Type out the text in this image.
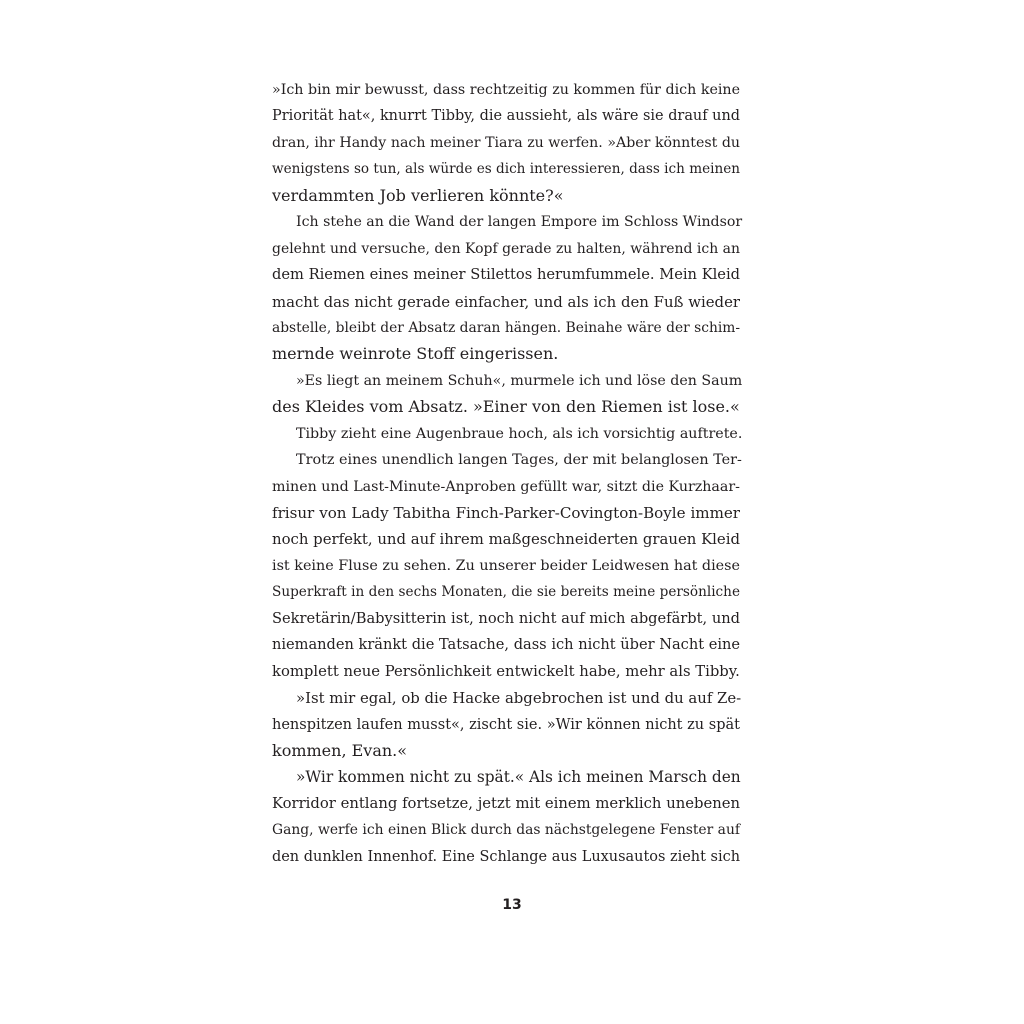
»Ich bin mir bewusst, dass rechtzeitig zu kommen für dich keine
Priorität hat«, knurrt Tibby, die aussieht, als wäre sie drauf und
dran, ihr Handy nach meiner Tiara zu werfen. »Aber könntest du
wenigstens so tun, als würde es dich interessieren, dass ich meinen
verdammten Job verlieren könnte?«
Ich stehe an die Wand der langen Empore im Schloss Windsor
gelehnt und versuche, den Kopf gerade zu halten, während ich an
dem Riemen eines meiner Stilettos herumfummele. Mein Kleid
macht das nicht gerade einfacher, und als ich den Fuß wieder
abstelle, bleibt der Absatz daran hängen. Beinahe wäre der schim-
mernde weinrote Stoff eingerissen.
»Es liegt an meinem Schuh«, murmele ich und löse den Saum
des Kleides vom Absatz. »Einer von den Riemen ist lose.«
Tibby zieht eine Augenbraue hoch, als ich vorsichtig auftrete.
Trotz eines unendlich langen Tages, der mit belanglosen Ter-
minen und Last-Minute-Anproben gefüllt war, sitzt die Kurzhaar-
frisur von Lady Tabitha Finch-Parker-Covington-Boyle immer
noch perfekt, und auf ihrem maßgeschneiderten grauen Kleid
ist keine Fluse zu sehen. Zu unserer beider Leidwesen hat diese
Superkraft in den sechs Monaten, die sie bereits meine persönliche
Sekretärin/Babysitterin ist, noch nicht auf mich abgefärbt, und
niemanden kränkt die Tatsache, dass ich nicht über Nacht eine
komplett neue Persönlichkeit entwickelt habe, mehr als Tibby.
»Ist mir egal, ob die Hacke abgebrochen ist und du auf Ze-
henspitzen laufen musst«, zischt sie. »Wir können nicht zu spät
kommen, Evan.«
»Wir kommen nicht zu spät.« Als ich meinen Marsch den
Korridor entlang fortsetze, jetzt mit einem merklich unebenen
Gang, werfe ich einen Blick durch das nächstgelegene Fenster auf
den dunklen Innenhof. Eine Schlange aus Luxusautos zieht sich
13
